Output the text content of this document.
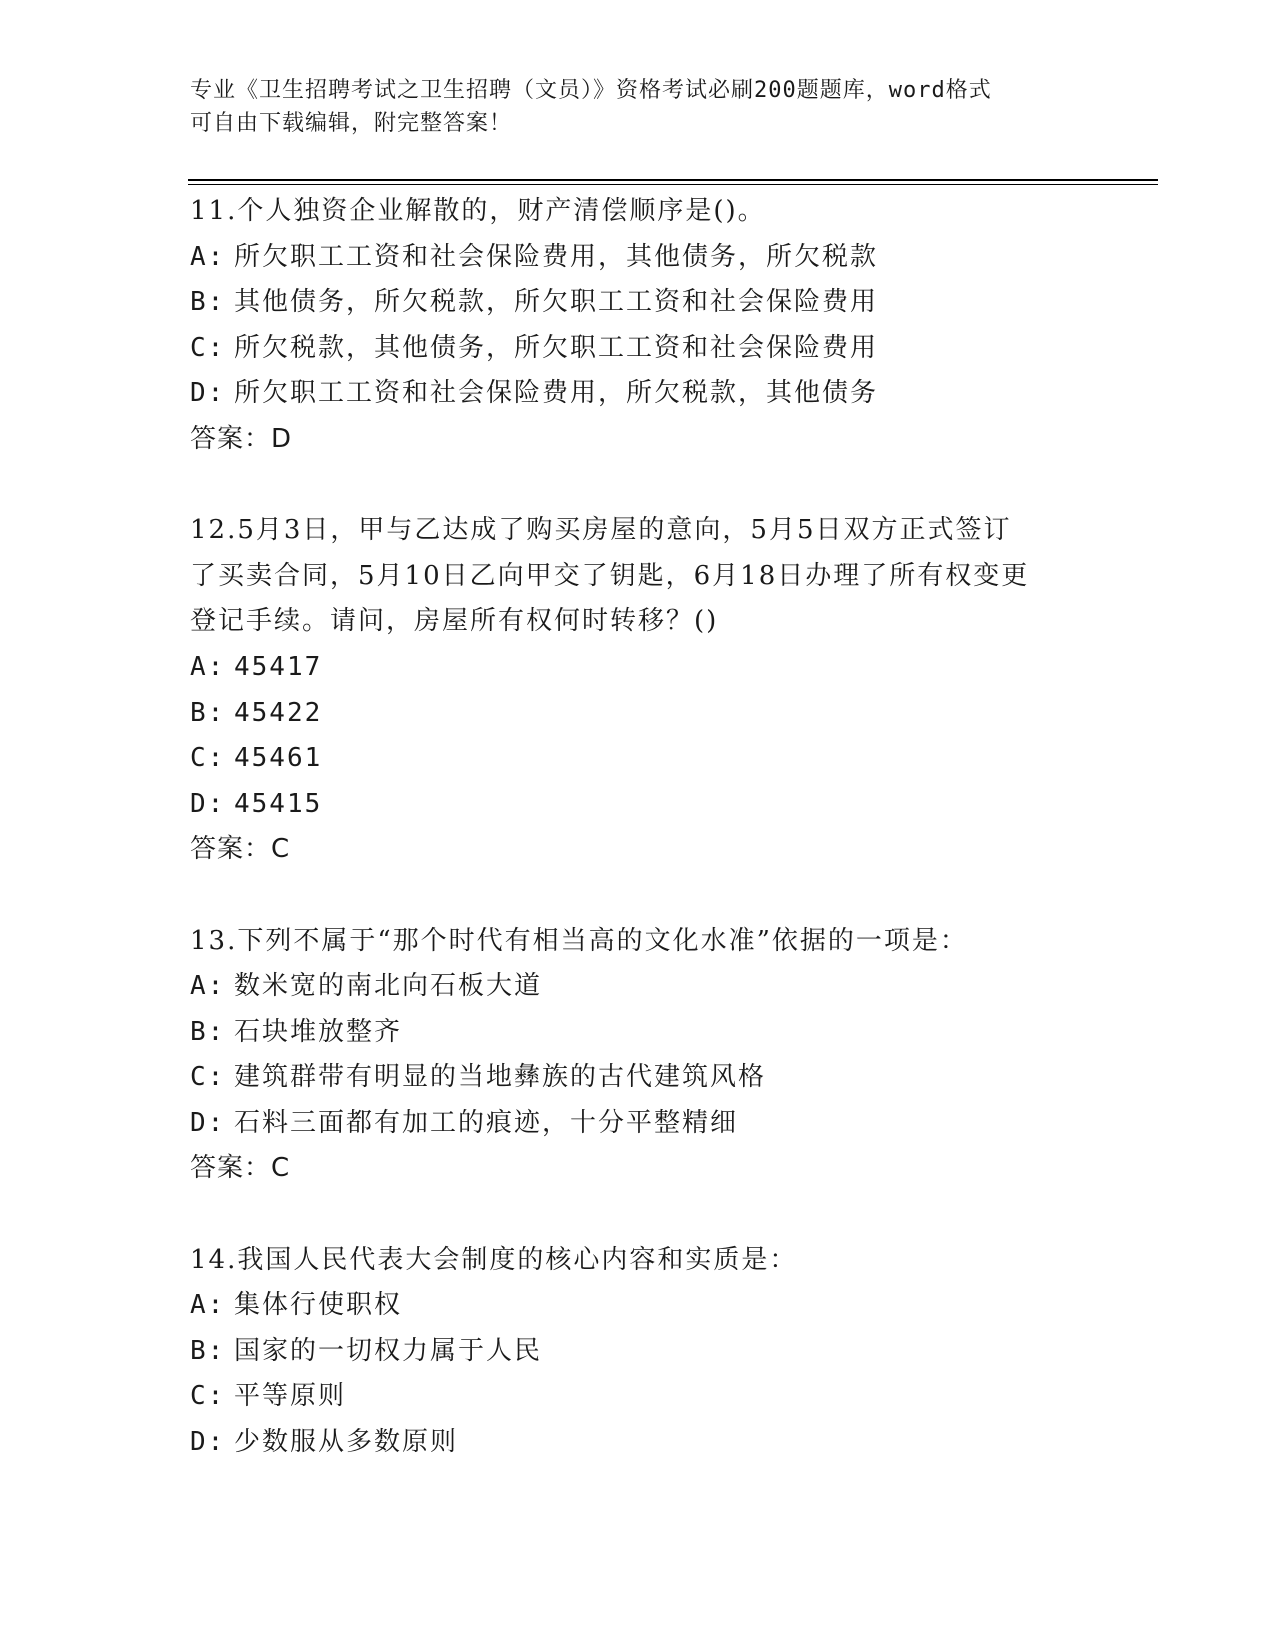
专业《卫生招聘考试之卫生招聘（文员）》资格考试必刷200题题库，word格式
可自由下载编辑，附完整答案！
11.个人独资企业解散的，财产清偿顺序是()。
A: 所欠职工工资和社会保险费用，其他债务，所欠税款
B: 其他债务，所欠税款，所欠职工工资和社会保险费用
C: 所欠税款，其他债务，所欠职工工资和社会保险费用
D: 所欠职工工资和社会保险费用，所欠税款，其他债务
答案：D
12.5月3日，甲与乙达成了购买房屋的意向，5月5日双方正式签订
了买卖合同，5月10日乙向甲交了钥匙，6月18日办理了所有权变更
登记手续。请问，房屋所有权何时转移？()
A: 45417
B: 45422
C: 45461
D: 45415
答案：C
13.下列不属于“那个时代有相当高的文化水准”依据的一项是：
A: 数米宽的南北向石板大道
B: 石块堆放整齐
C: 建筑群带有明显的当地彝族的古代建筑风格
D: 石料三面都有加工的痕迹，十分平整精细
答案：C
14.我国人民代表大会制度的核心内容和实质是：
A: 集体行使职权
B: 国家的一切权力属于人民
C: 平等原则
D: 少数服从多数原则
